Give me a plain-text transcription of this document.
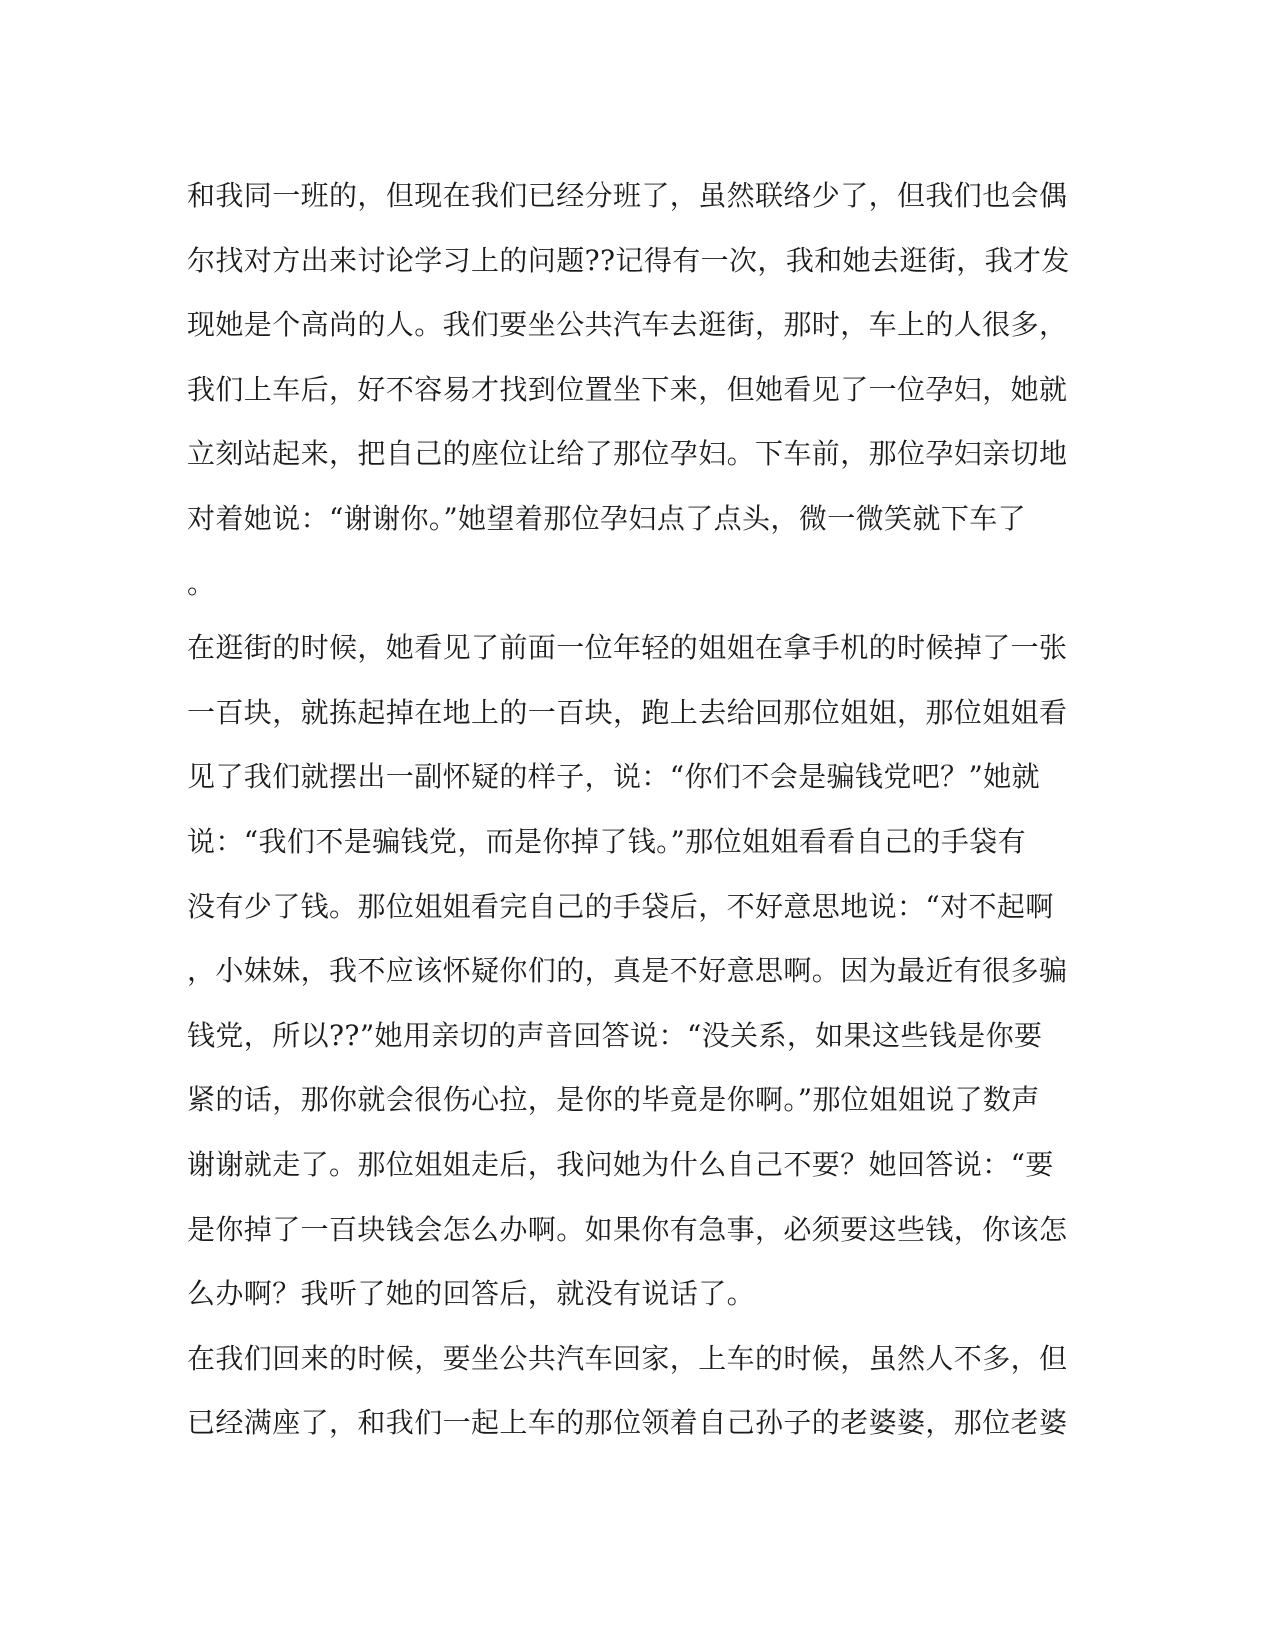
和我同一班的，但现在我们已经分班了，虽然联络少了，但我们也会偶
尔找对方出来讨论学习上的问题??记得有一次，我和她去逛街，我才发
现她是个高尚的人。我们要坐公共汽车去逛街，那时，车上的人很多，
我们上车后，好不容易才找到位置坐下来，但她看见了一位孕妇，她就
立刻站起来，把自己的座位让给了那位孕妇。下车前，那位孕妇亲切地
对着她说：“谢谢你。”她望着那位孕妇点了点头，微一微笑就下车了
。
在逛街的时候，她看见了前面一位年轻的姐姐在拿手机的时候掉了一张
一百块，就拣起掉在地上的一百块，跑上去给回那位姐姐，那位姐姐看
见了我们就摆出一副怀疑的样子，说：“你们不会是骗钱党吧？”她就
说：“我们不是骗钱党，而是你掉了钱。”那位姐姐看看自己的手袋有
没有少了钱。那位姐姐看完自己的手袋后，不好意思地说：“对不起啊
，小妹妹，我不应该怀疑你们的，真是不好意思啊。因为最近有很多骗
钱党，所以??”她用亲切的声音回答说：“没关系，如果这些钱是你要
紧的话，那你就会很伤心拉，是你的毕竟是你啊。”那位姐姐说了数声
谢谢就走了。那位姐姐走后，我问她为什么自己不要？她回答说：“要
是你掉了一百块钱会怎么办啊。如果你有急事，必须要这些钱，你该怎
么办啊？我听了她的回答后，就没有说话了。
在我们回来的时候，要坐公共汽车回家，上车的时候，虽然人不多，但
已经满座了，和我们一起上车的那位领着自己孙子的老婆婆，那位老婆
